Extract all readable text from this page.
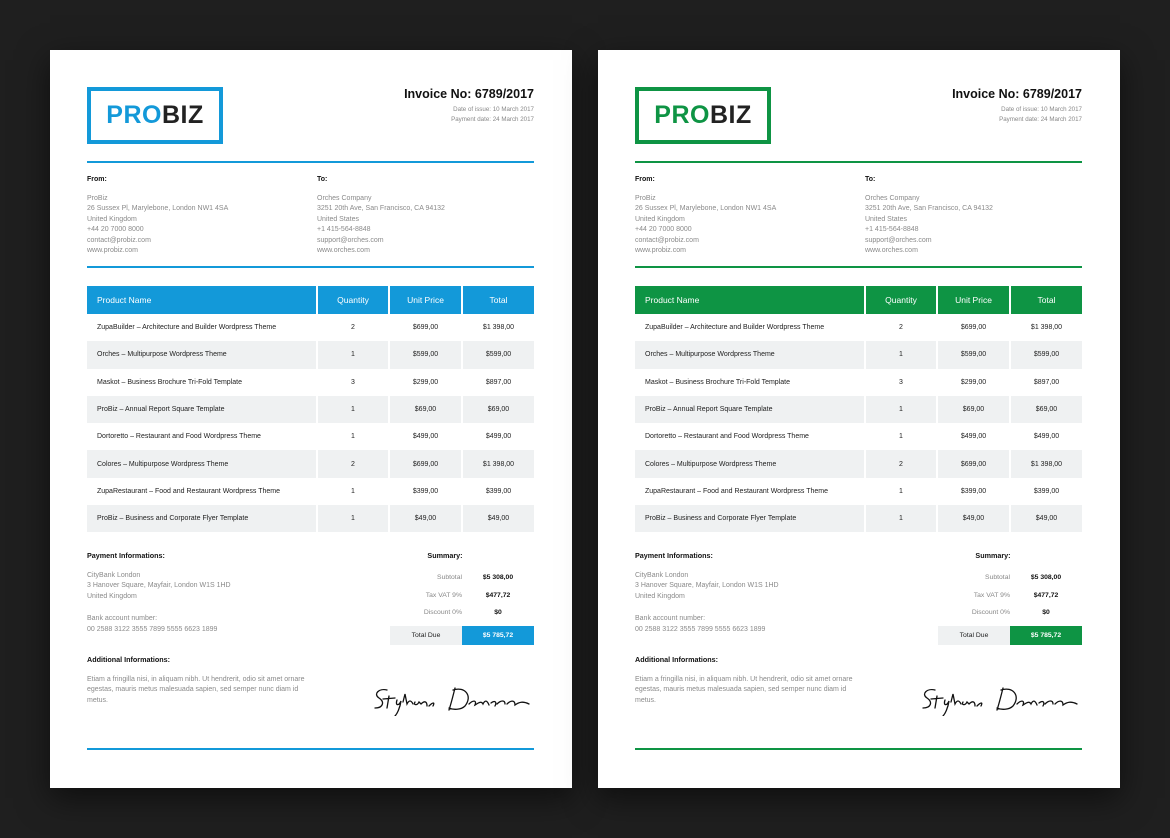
PRO BIZ
Invoice No: 6789/2017
Date of issue: 10 March 2017
Payment date: 24 March 2017
From:
ProBiz
26 Sussex Pl, Marylebone, London NW1 4SA
United Kingdom
+44 20 7000 8000
contact@probiz.com
www.probiz.com
To:
Orches Company
3251 20th Ave, San Francisco, CA 94132
United States
+1 415-564-8848
support@orches.com
www.orches.com
Product Name	Quantity	Unit Price	Total
ZupaBuilder – Architecture and Builder Wordpress Theme	2	$699,00	$1 398,00
Orches – Multipurpose Wordpress Theme	1	$599,00	$599,00
Maskot – Business Brochure Tri-Fold Template	3	$299,00	$897,00
ProBiz – Annual Report Square Template	1	$69,00	$69,00
Dortoretto – Restaurant and Food Wordpress Theme	1	$499,00	$499,00
Colores – Multipurpose Wordpress Theme	2	$699,00	$1 398,00
ZupaRestaurant – Food and Restaurant Wordpress Theme	1	$399,00	$399,00
ProBiz – Business and Corporate Flyer Template	1	$49,00	$49,00
Payment Informations:
CityBank London
3 Hanover Square, Mayfair, London W1S 1HD
United Kingdom
Bank account number:
00 2588 3122 3555 7899 5555 6623 1899
Summary:
Subtotal	$5 308,00
Tax VAT 9%	$477,72
Discount 0%	$0
Total Due	$5 785,72
Additional Informations:
Etiam a fringilla nisi, in aliquam nibh. Ut hendrerit, odio sit amet ornare egestas, mauris metus malesuada sapien, sed semper nunc diam id metus.
PRO BIZ
Invoice No: 6789/2017
Date of issue: 10 March 2017
Payment date: 24 March 2017
From:
ProBiz
26 Sussex Pl, Marylebone, London NW1 4SA
United Kingdom
+44 20 7000 8000
contact@probiz.com
www.probiz.com
To:
Orches Company
3251 20th Ave, San Francisco, CA 94132
United States
+1 415-564-8848
support@orches.com
www.orches.com
Product Name	Quantity	Unit Price	Total
ZupaBuilder – Architecture and Builder Wordpress Theme	2	$699,00	$1 398,00
Orches – Multipurpose Wordpress Theme	1	$599,00	$599,00
Maskot – Business Brochure Tri-Fold Template	3	$299,00	$897,00
ProBiz – Annual Report Square Template	1	$69,00	$69,00
Dortoretto – Restaurant and Food Wordpress Theme	1	$499,00	$499,00
Colores – Multipurpose Wordpress Theme	2	$699,00	$1 398,00
ZupaRestaurant – Food and Restaurant Wordpress Theme	1	$399,00	$399,00
ProBiz – Business and Corporate Flyer Template	1	$49,00	$49,00
Payment Informations:
CityBank London
3 Hanover Square, Mayfair, London W1S 1HD
United Kingdom
Bank account number:
00 2588 3122 3555 7899 5555 6623 1899
Summary:
Subtotal	$5 308,00
Tax VAT 9%	$477,72
Discount 0%	$0
Total Due	$5 785,72
Additional Informations:
Etiam a fringilla nisi, in aliquam nibh. Ut hendrerit, odio sit amet ornare egestas, mauris metus malesuada sapien, sed semper nunc diam id metus.
